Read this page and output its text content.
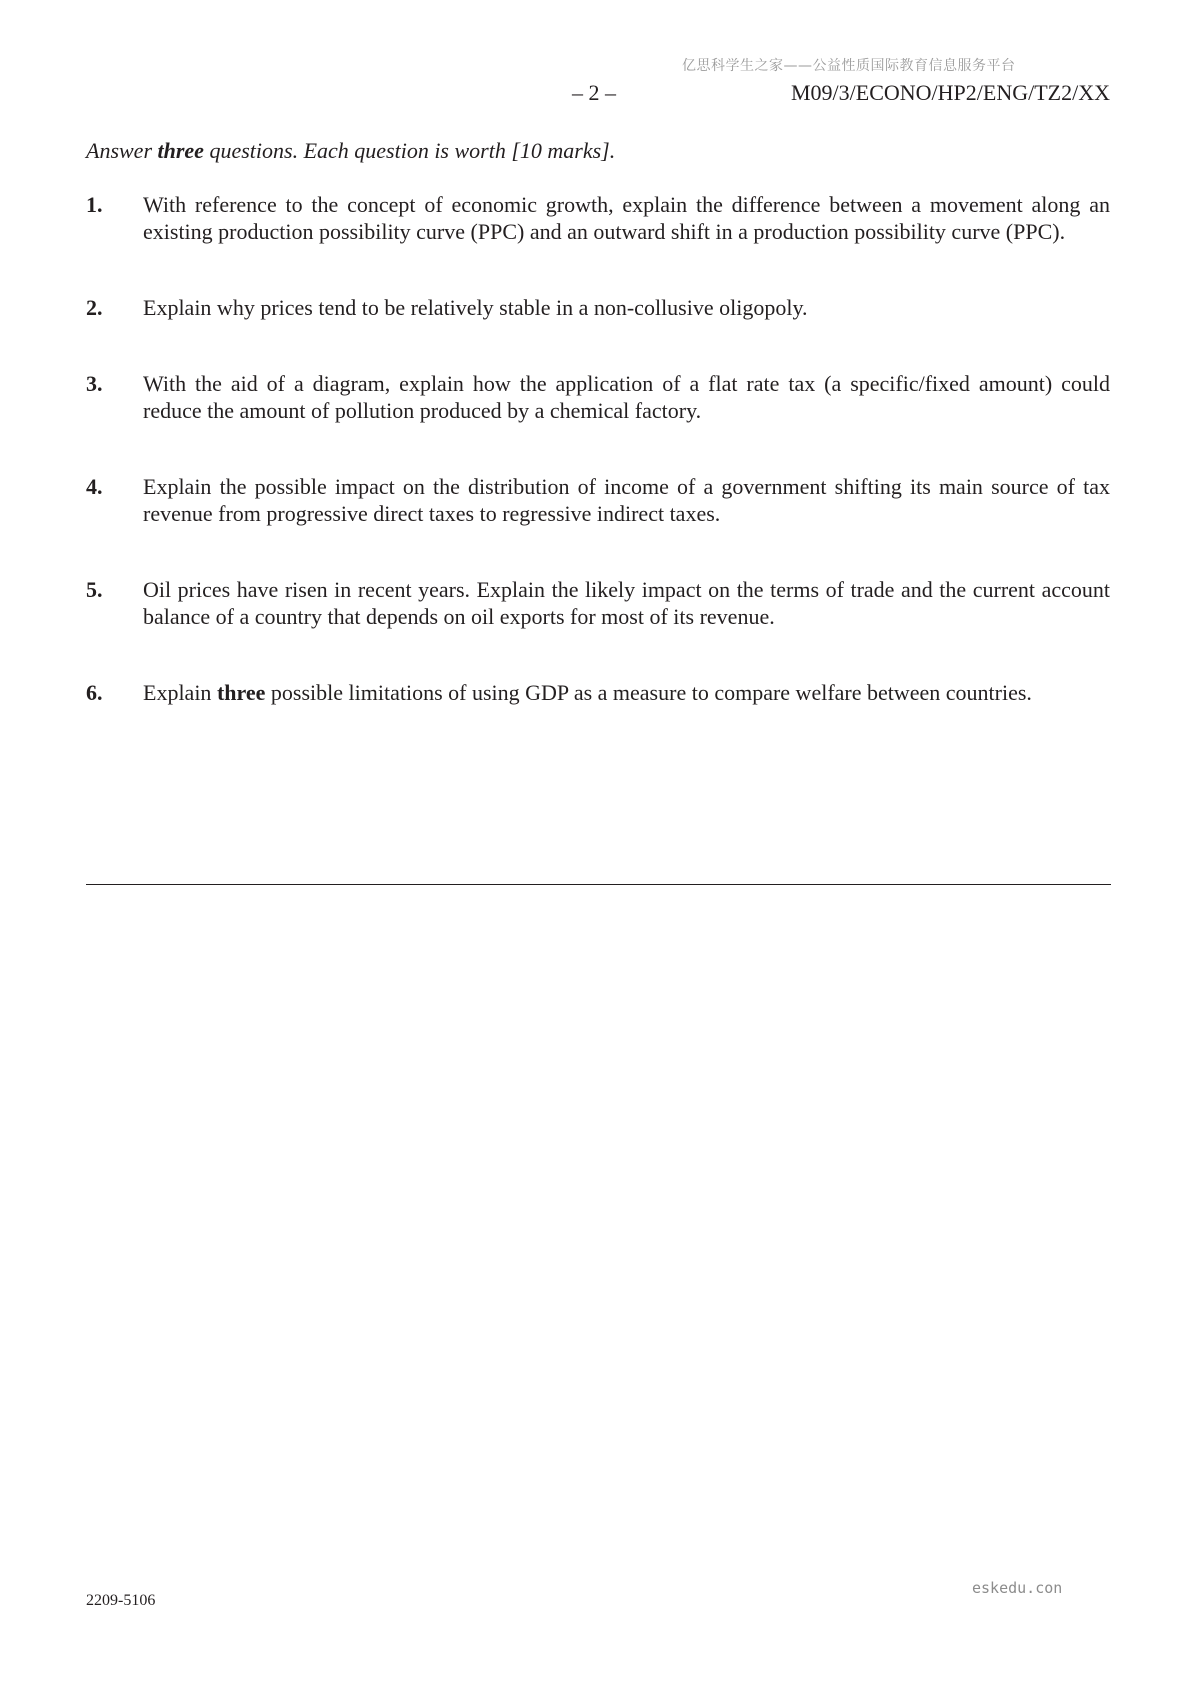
亿思科学生之家——公益性质国际教育信息服务平台
– 2 –	M09/3/ECONO/HP2/ENG/TZ2/XX
Answer three questions. Each question is worth [10 marks].
1. With reference to the concept of economic growth, explain the difference between a movement along an existing production possibility curve (PPC) and an outward shift in a production possibility curve (PPC).
2. Explain why prices tend to be relatively stable in a non-collusive oligopoly.
3. With the aid of a diagram, explain how the application of a flat rate tax (a specific/fixed amount) could reduce the amount of pollution produced by a chemical factory.
4. Explain the possible impact on the distribution of income of a government shifting its main source of tax revenue from progressive direct taxes to regressive indirect taxes.
5. Oil prices have risen in recent years. Explain the likely impact on the terms of trade and the current account balance of a country that depends on oil exports for most of its revenue.
6. Explain three possible limitations of using GDP as a measure to compare welfare between countries.
2209-5106
eskedu.con
